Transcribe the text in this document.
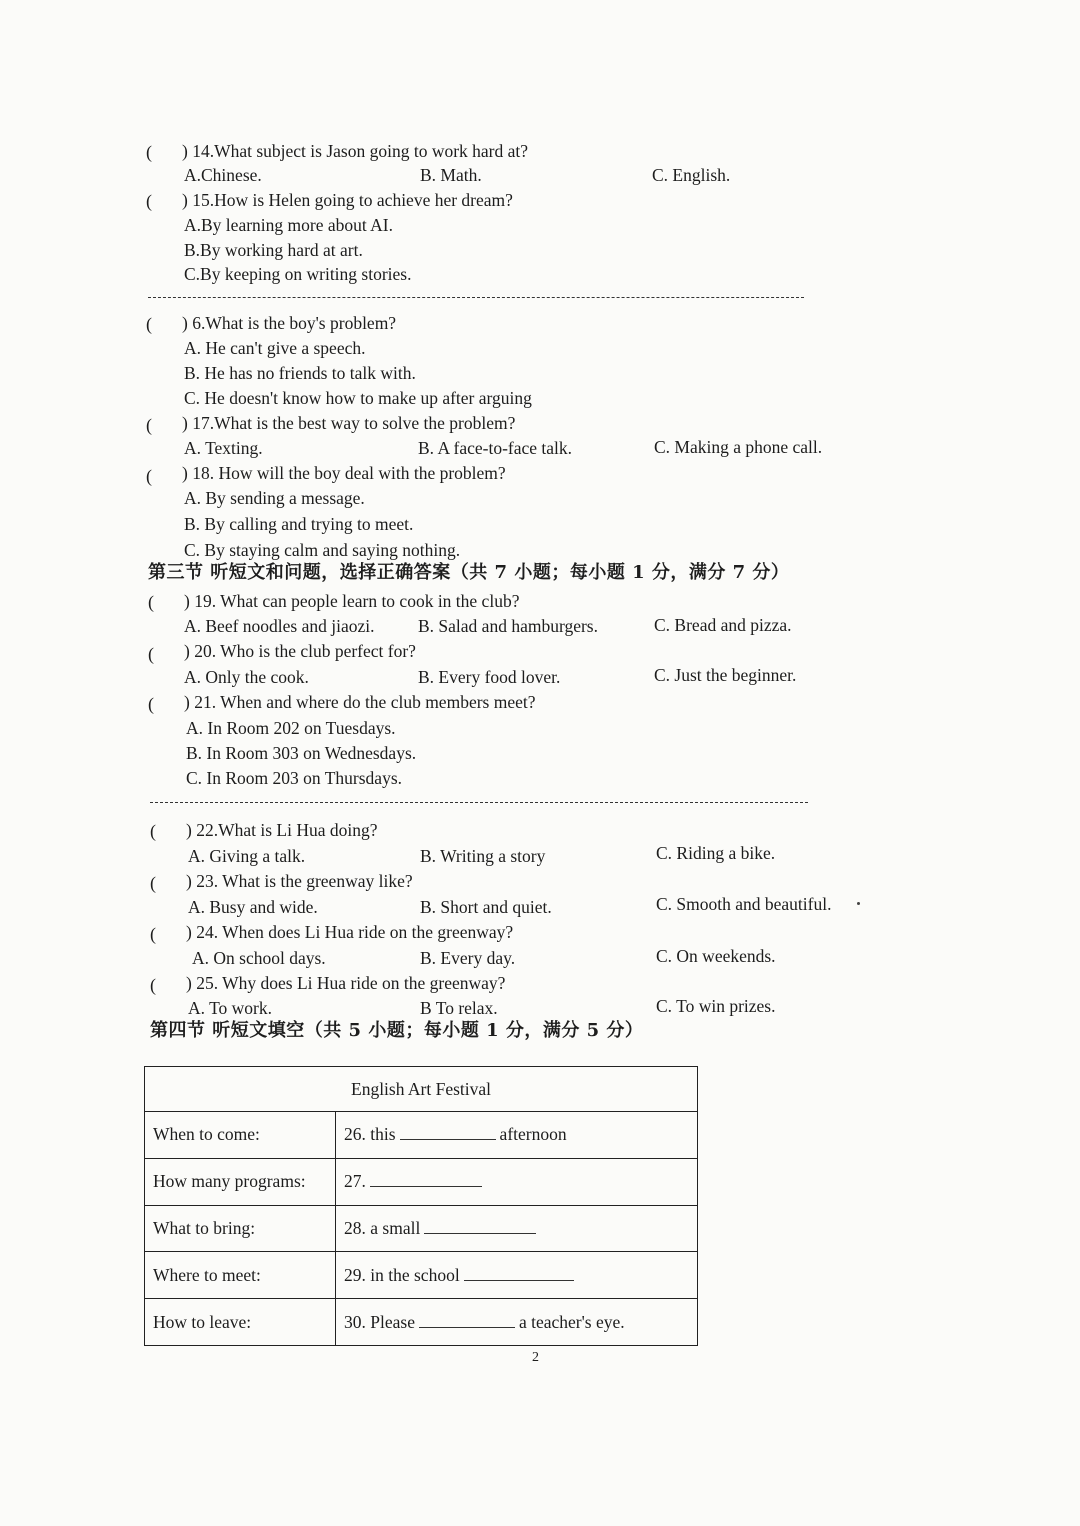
( ) 14.What subject is Jason going to work hard at?
A.Chinese.	B. Math.	C. English.
( ) 15.How is Helen going to achieve her dream?
A.By learning more about AI.
B.By working hard at art.
C.By keeping on writing stories.
( ) 6.What is the boy's problem?
A. He can't give a speech.
B. He has no friends to talk with.
C. He doesn't know how to make up after arguing
( ) 17.What is the best way to solve the problem?
A. Texting.	B. A face-to-face talk.	C. Making a phone call.
( ) 18. How will the boy deal with the problem?
A. By sending a message.
B. By calling and trying to meet.
C. By staying calm and saying nothing.
第三节 听短文和问题，选择正确答案（共 7 小题；每小题 1 分，满分 7 分）
( ) 19. What can people learn to cook in the club?
A. Beef noodles and jiaozi. B. Salad and hamburgers.	C. Bread and pizza.
( ) 20. Who is the club perfect for?
A. Only the cook.	B. Every food lover.	C. Just the beginner.
( ) 21. When and where do the club members meet?
A. In Room 202 on Tuesdays.
B. In Room 303 on Wednesdays.
C. In Room 203 on Thursdays.
( ) 22.What is Li Hua doing?
A. Giving a talk.	B. Writing a story	C. Riding a bike.
( ) 23. What is the greenway like?
A. Busy and wide.	B. Short and quiet.	C. Smooth and beautiful.
( ) 24. When does Li Hua ride on the greenway?
A. On school days.	B. Every day.	C. On weekends.
( ) 25. Why does Li Hua ride on the greenway?
A. To work.	B To relax.	C. To win prizes.
第四节 听短文填空（共 5 小题；每小题 1 分，满分 5 分）
English Art Festival	
When to come:	26. this afternoon
How many programs:	27.
What to bring:	28. a small
Where to meet:	29. in the school
How to leave:	30. Please a teacher's eye.
2
